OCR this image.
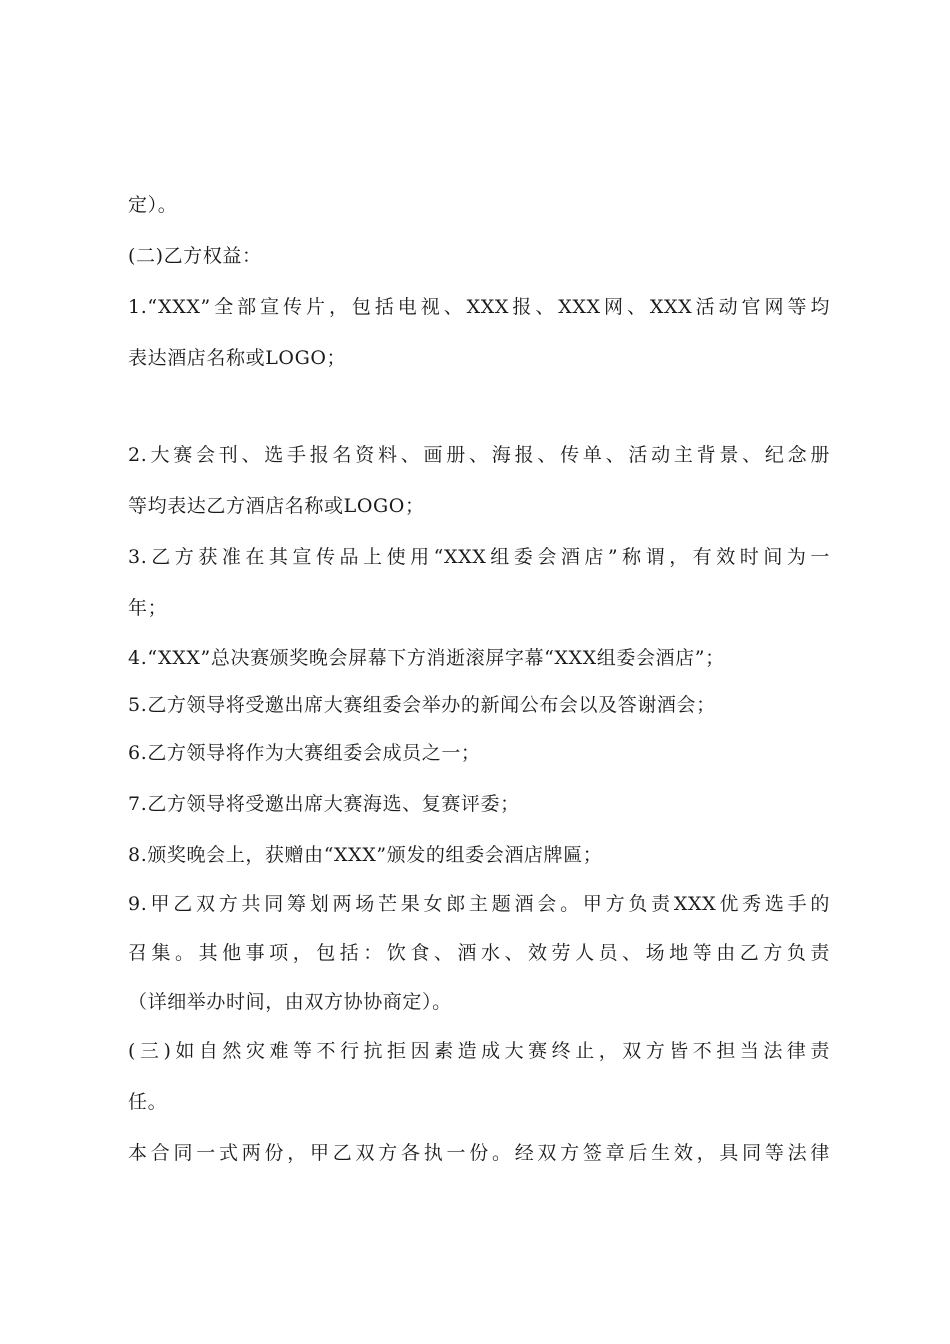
定）。
(二)乙方权益：
1.“XXX”全部宣传片，包括电视、XXX报、XXX网、XXX活动官网等均
表达酒店名称或LOGO；
2.大赛会刊、选手报名资料、画册、海报、传单、活动主背景、纪念册
等均表达乙方酒店名称或LOGO；
3.乙方获准在其宣传品上使用“XXX组委会酒店”称谓，有效时间为一
年；
4.“XXX”总决赛颁奖晚会屏幕下方消逝滚屏字幕“XXX组委会酒店”；
5.乙方领导将受邀出席大赛组委会举办的新闻公布会以及答谢酒会；
6.乙方领导将作为大赛组委会成员之一；
7.乙方领导将受邀出席大赛海选、复赛评委；
8.颁奖晚会上，获赠由“XXX”颁发的组委会酒店牌匾；
9.甲乙双方共同筹划两场芒果女郎主题酒会。甲方负责XXX优秀选手的
召集。其他事项，包括：饮食、酒水、效劳人员、场地等由乙方负责
（详细举办时间，由双方协协商定）。
(三)如自然灾难等不行抗拒因素造成大赛终止，双方皆不担当法律责
任。
本合同一式两份，甲乙双方各执一份。经双方签章后生效，具同等法律
